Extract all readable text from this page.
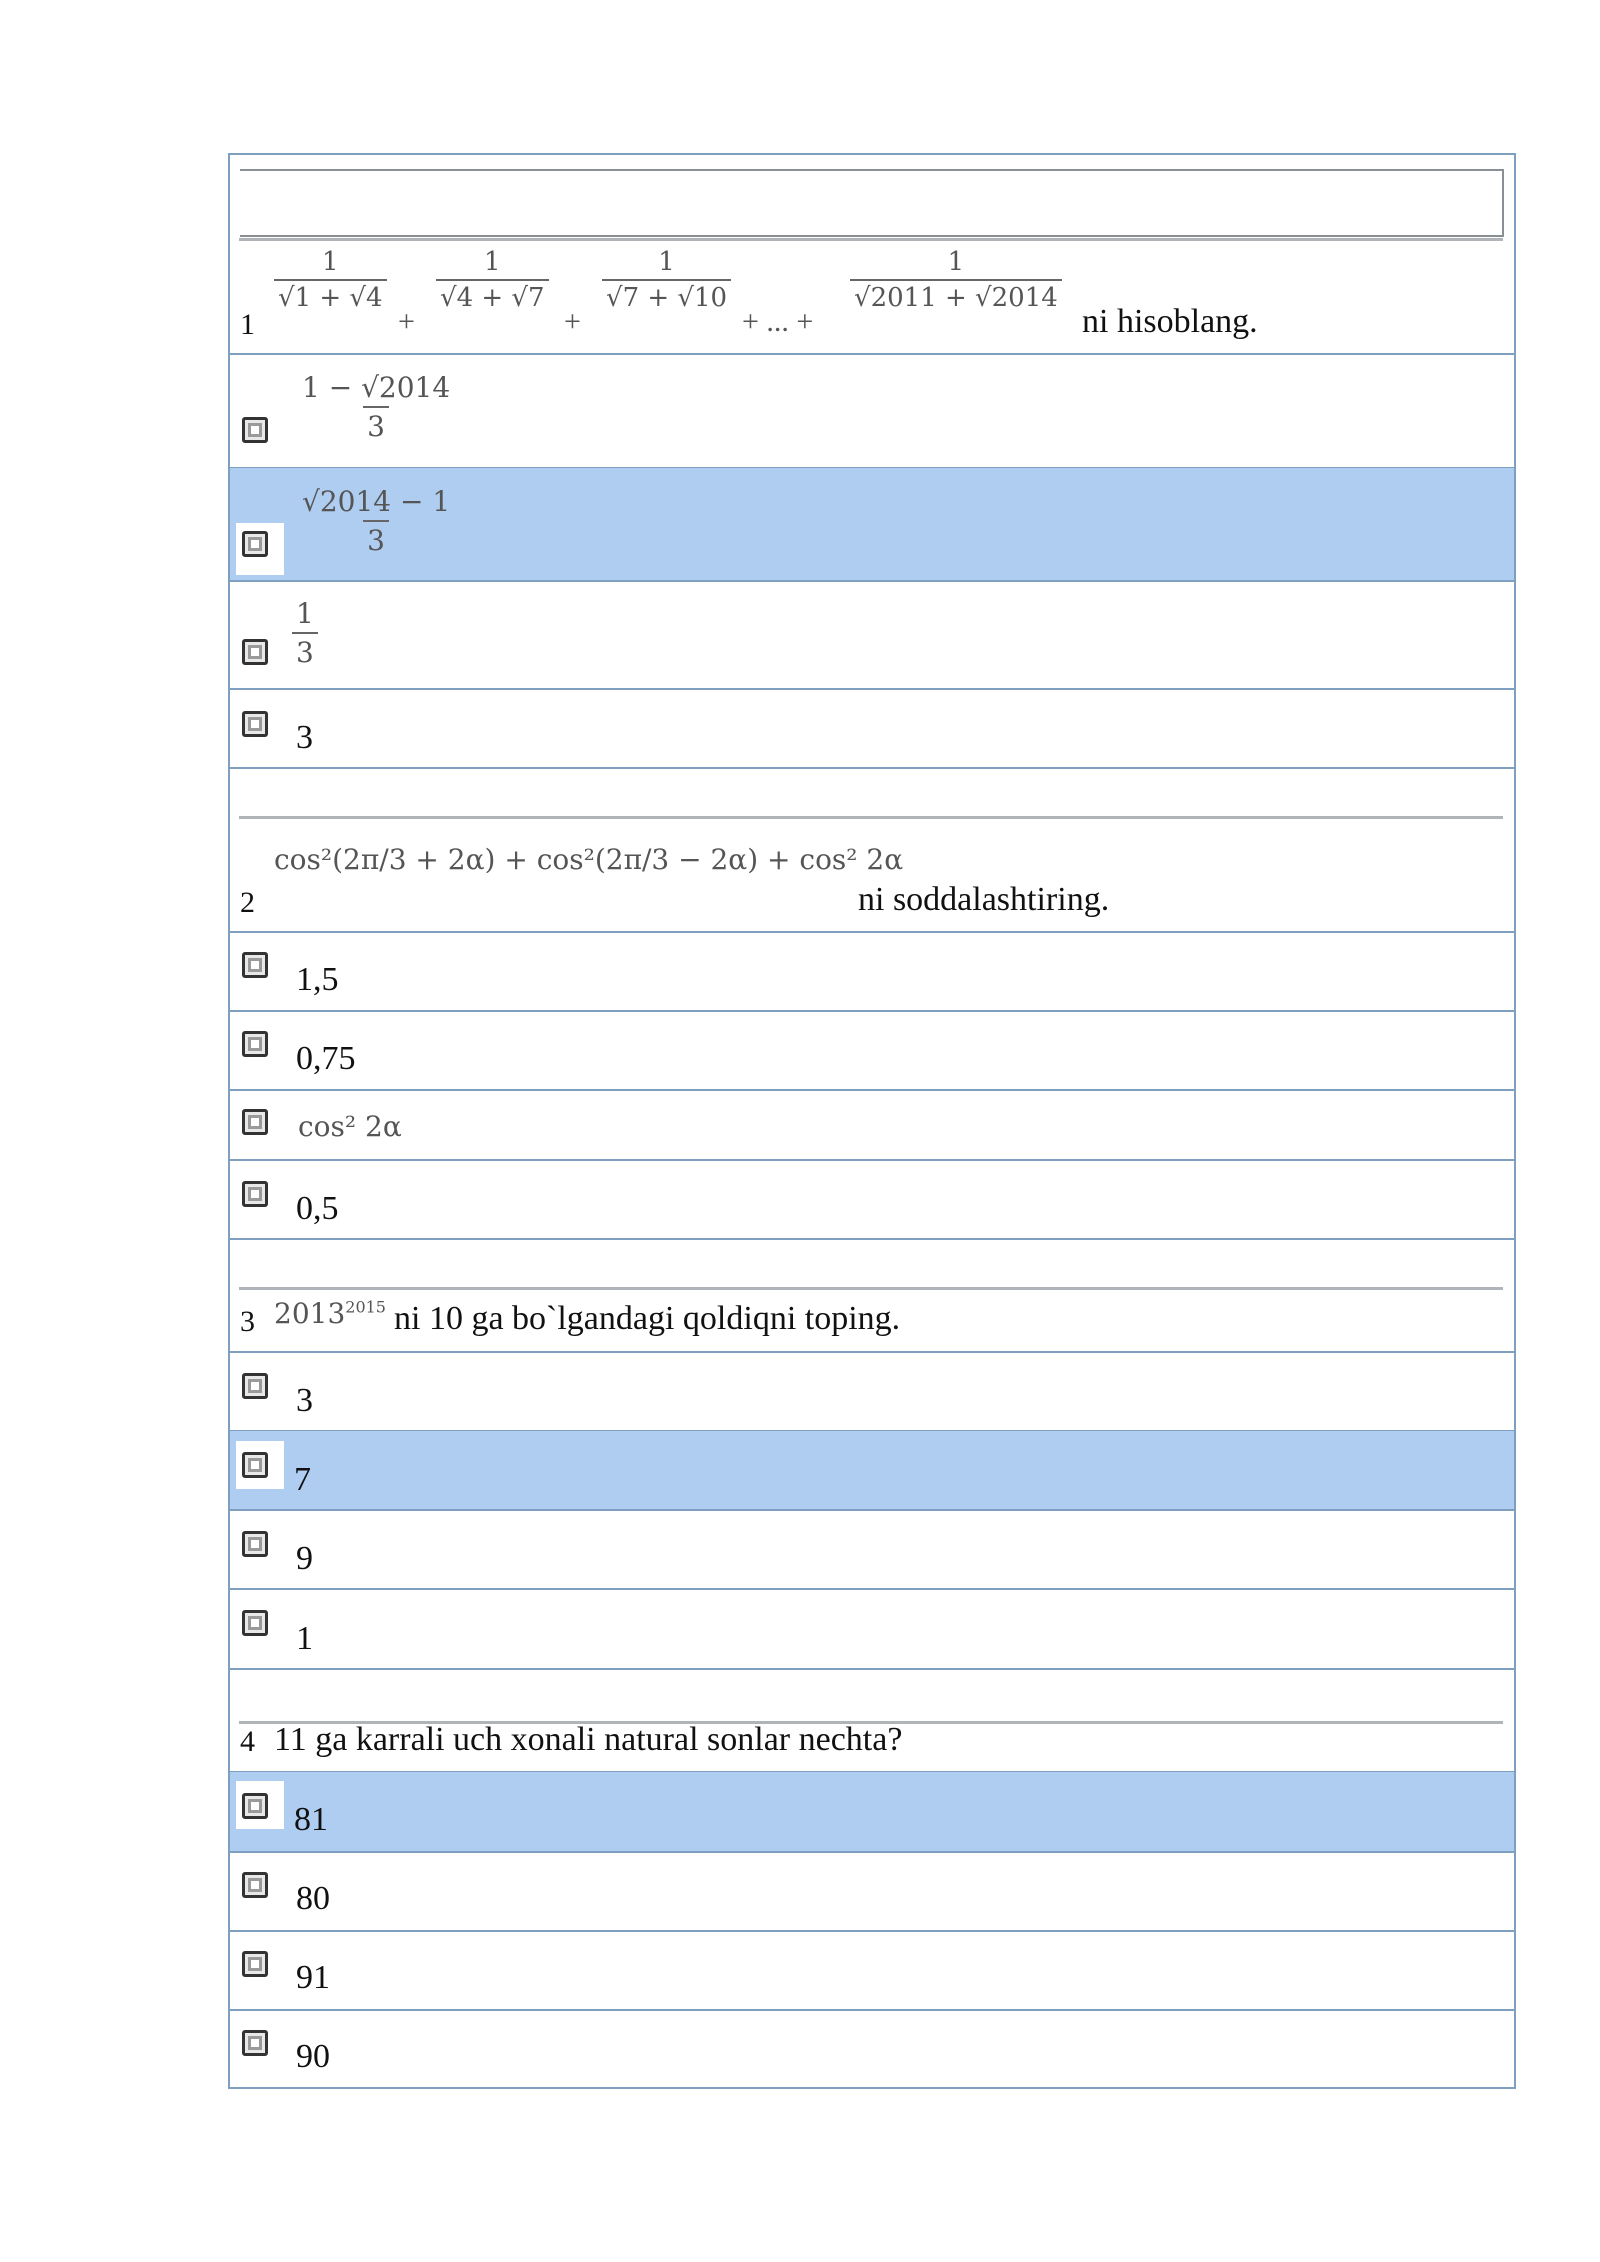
1
$\frac{1}{√1 + √4}$
+
$\frac{1}{√4 + √7}$
+
$\frac{1}{√7 + √10}$
+ ... +
$\frac{1}{√2011 + √2014}$
ni hisoblang.
$\frac{1 - √2014}{3}$
$\frac{√2014 - 1}{3}$
$\frac{1}{3}$
3
2
cos²(2π/3 + 2α) + cos²(2π/3 − 2α) + cos² 2α
ni soddalashtiring.
1,5
0,75
cos² 2α
0,5
3 $2013^{2015}$ ni 10 ga bo`lgandagi qoldiqni toping.
3
7
9
1
4 11 ga karrali uch xonali natural sonlar nechta?
81
80
91
90
